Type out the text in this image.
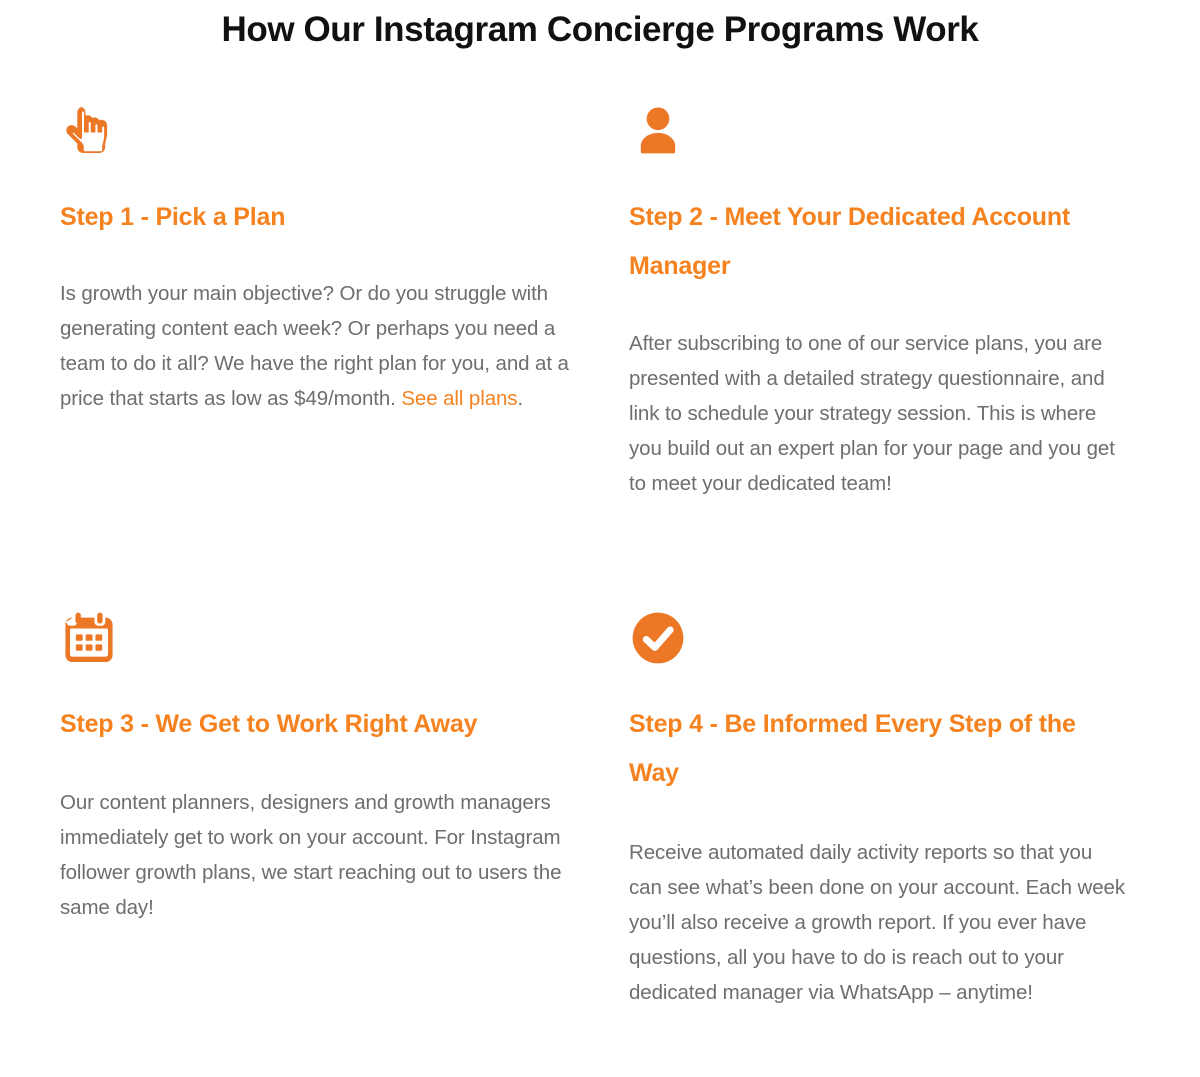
How Our Instagram Concierge Programs Work
Step 1 - Pick a Plan

Is growth your main objective? Or do you struggle with generating content each week? Or perhaps you need a team to do it all? We have the right plan for you, and at a price that starts as low as $49/month. See all plans.

Step 2 - Meet Your Dedicated Account Manager

After subscribing to one of our service plans, you are presented with a detailed strategy questionnaire, and link to schedule your strategy session. This is where you build out an expert plan for your page and you get to meet your dedicated team!

Step 3 - We Get to Work Right Away

Our content planners, designers and growth managers immediately get to work on your account. For Instagram follower growth plans, we start reaching out to users the same day!

Step 4 - Be Informed Every Step of the Way

Receive automated daily activity reports so that you can see what’s been done on your account. Each week you’ll also receive a growth report. If you ever have questions, all you have to do is reach out to your dedicated manager via WhatsApp – anytime!
